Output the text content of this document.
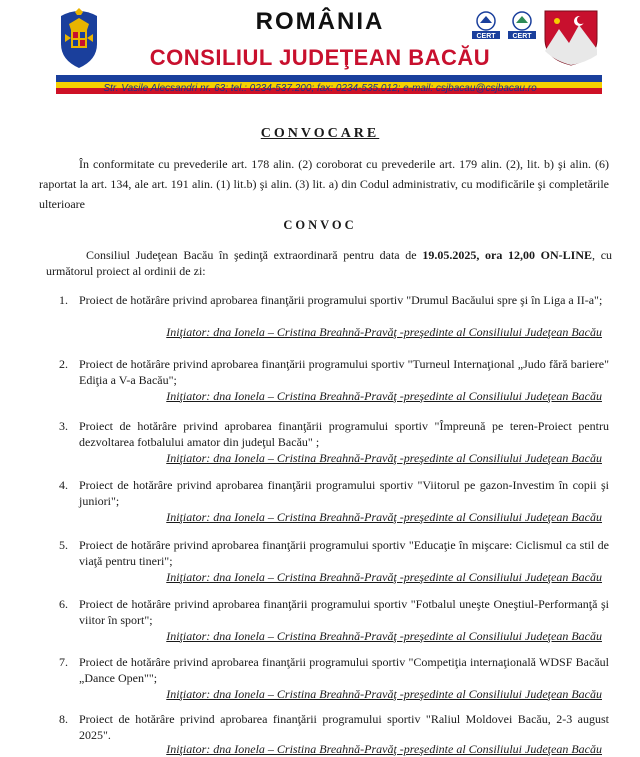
ROMÂNIA
CONSILIUL JUDEŢEAN BACĂU
CERT CERT
Str. Vasile Alecsandri nr. 63; tel.: 0234-537.200; fax: 0234-535.012; e-mail: csjbacau@csjbacau.ro
CONVOCARE
În conformitate cu prevederile art. 178 alin. (2) coroborat cu prevederile art. 179 alin. (2), lit. b) şi alin. (6) raportat la art. 134, ale art. 191 alin. (1) lit.b) şi alin. (3) lit. a) din Codul administrativ, cu modificările şi completările ulterioare
CONVOC
Consiliul Judeţean Bacău în şedinţă extraordinară pentru data de 19.05.2025, ora 12,00 ON-LINE, cu următorul proiect al ordinii de zi:
1. Proiect de hotărâre privind aprobarea finanţării programului sportiv "Drumul Bacăului spre şi în Liga a II-a";
Iniţiator: dna Ionela – Cristina Breahnă-Pravăţ -preşedinte al Consiliului Judeţean Bacău
2. Proiect de hotărâre privind aprobarea finanţării programului sportiv "Turneul Internaţional „Judo fără bariere" Ediţia a V-a Bacău";
Iniţiator: dna Ionela – Cristina Breahnă-Pravăţ -preşedinte al Consiliului Judeţean Bacău
3. Proiect de hotărâre privind aprobarea finanţării programului sportiv "Împreună pe teren-Proiect pentru dezvoltarea fotbalului amator din judeţul Bacău" ;
Iniţiator: dna Ionela – Cristina Breahnă-Pravăţ -preşedinte al Consiliului Judeţean Bacău
4. Proiect de hotărâre privind aprobarea finanţării programului sportiv "Viitorul pe gazon-Investim în copii şi juniori";
Iniţiator: dna Ionela – Cristina Breahnă-Pravăţ -preşedinte al Consiliului Judeţean Bacău
5. Proiect de hotărâre privind aprobarea finanţării programului sportiv "Educaţie în mişcare: Ciclismul ca stil de viaţă pentru tineri";
Iniţiator: dna Ionela – Cristina Breahnă-Pravăţ -preşedinte al Consiliului Judeţean Bacău
6. Proiect de hotărâre privind aprobarea finanţării programului sportiv "Fotbalul uneşte Oneştiul-Performanţă şi viitor în sport";
Iniţiator: dna Ionela – Cristina Breahnă-Pravăţ -preşedinte al Consiliului Judeţean Bacău
7. Proiect de hotărâre privind aprobarea finanţării programului sportiv "Competiţia internaţională WDSF Bacăul „Dance Open"";
Iniţiator: dna Ionela – Cristina Breahnă-Pravăţ -preşedinte al Consiliului Judeţean Bacău
8. Proiect de hotărâre privind aprobarea finanţării programului sportiv "Raliul Moldovei Bacău, 2-3 august 2025".
Iniţiator: dna Ionela – Cristina Breahnă-Pravăţ -preşedinte al Consiliului Judeţean Bacău
